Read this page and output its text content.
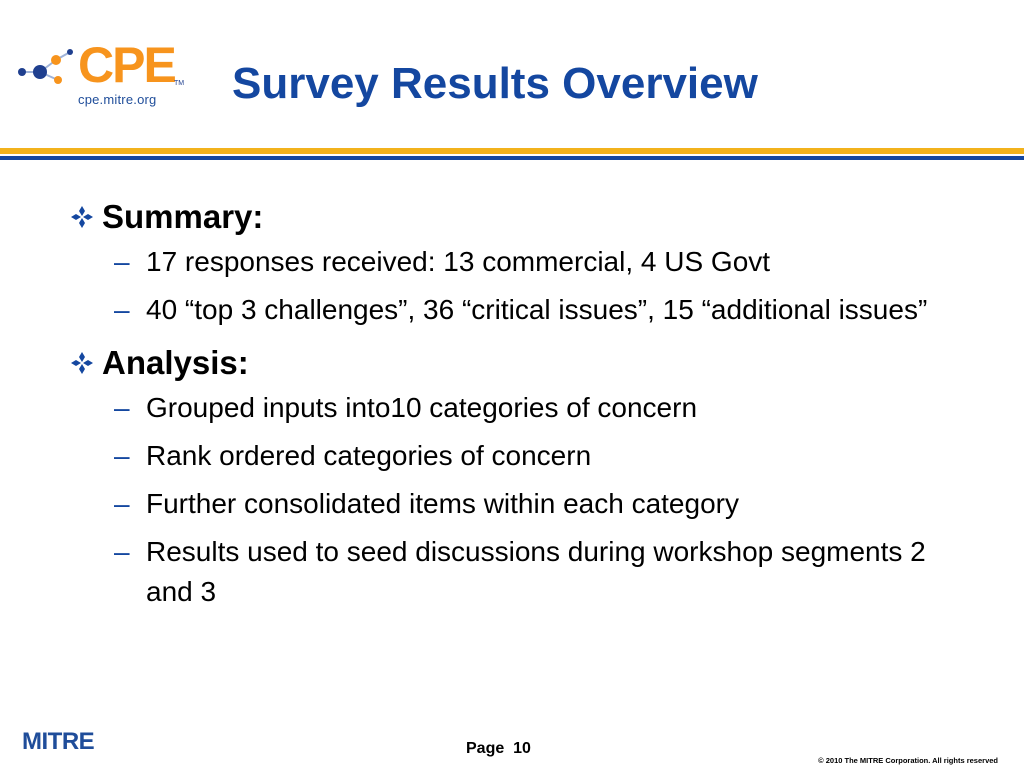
CPE TM
cpe.mitre.org Survey Results Overview
Summary:
– 17 responses received: 13 commercial, 4 US Govt
– 40 “top 3 challenges”, 36 “critical issues”, 15 “additional issues”
Analysis:
– Grouped inputs into10 categories of concern
– Rank ordered categories of concern
– Further consolidated items within each category
– Results used to seed discussions during workshop segments 2 and 3
MITRE	Page 10
© 2010 The MITRE Corporation. All rights reserved
